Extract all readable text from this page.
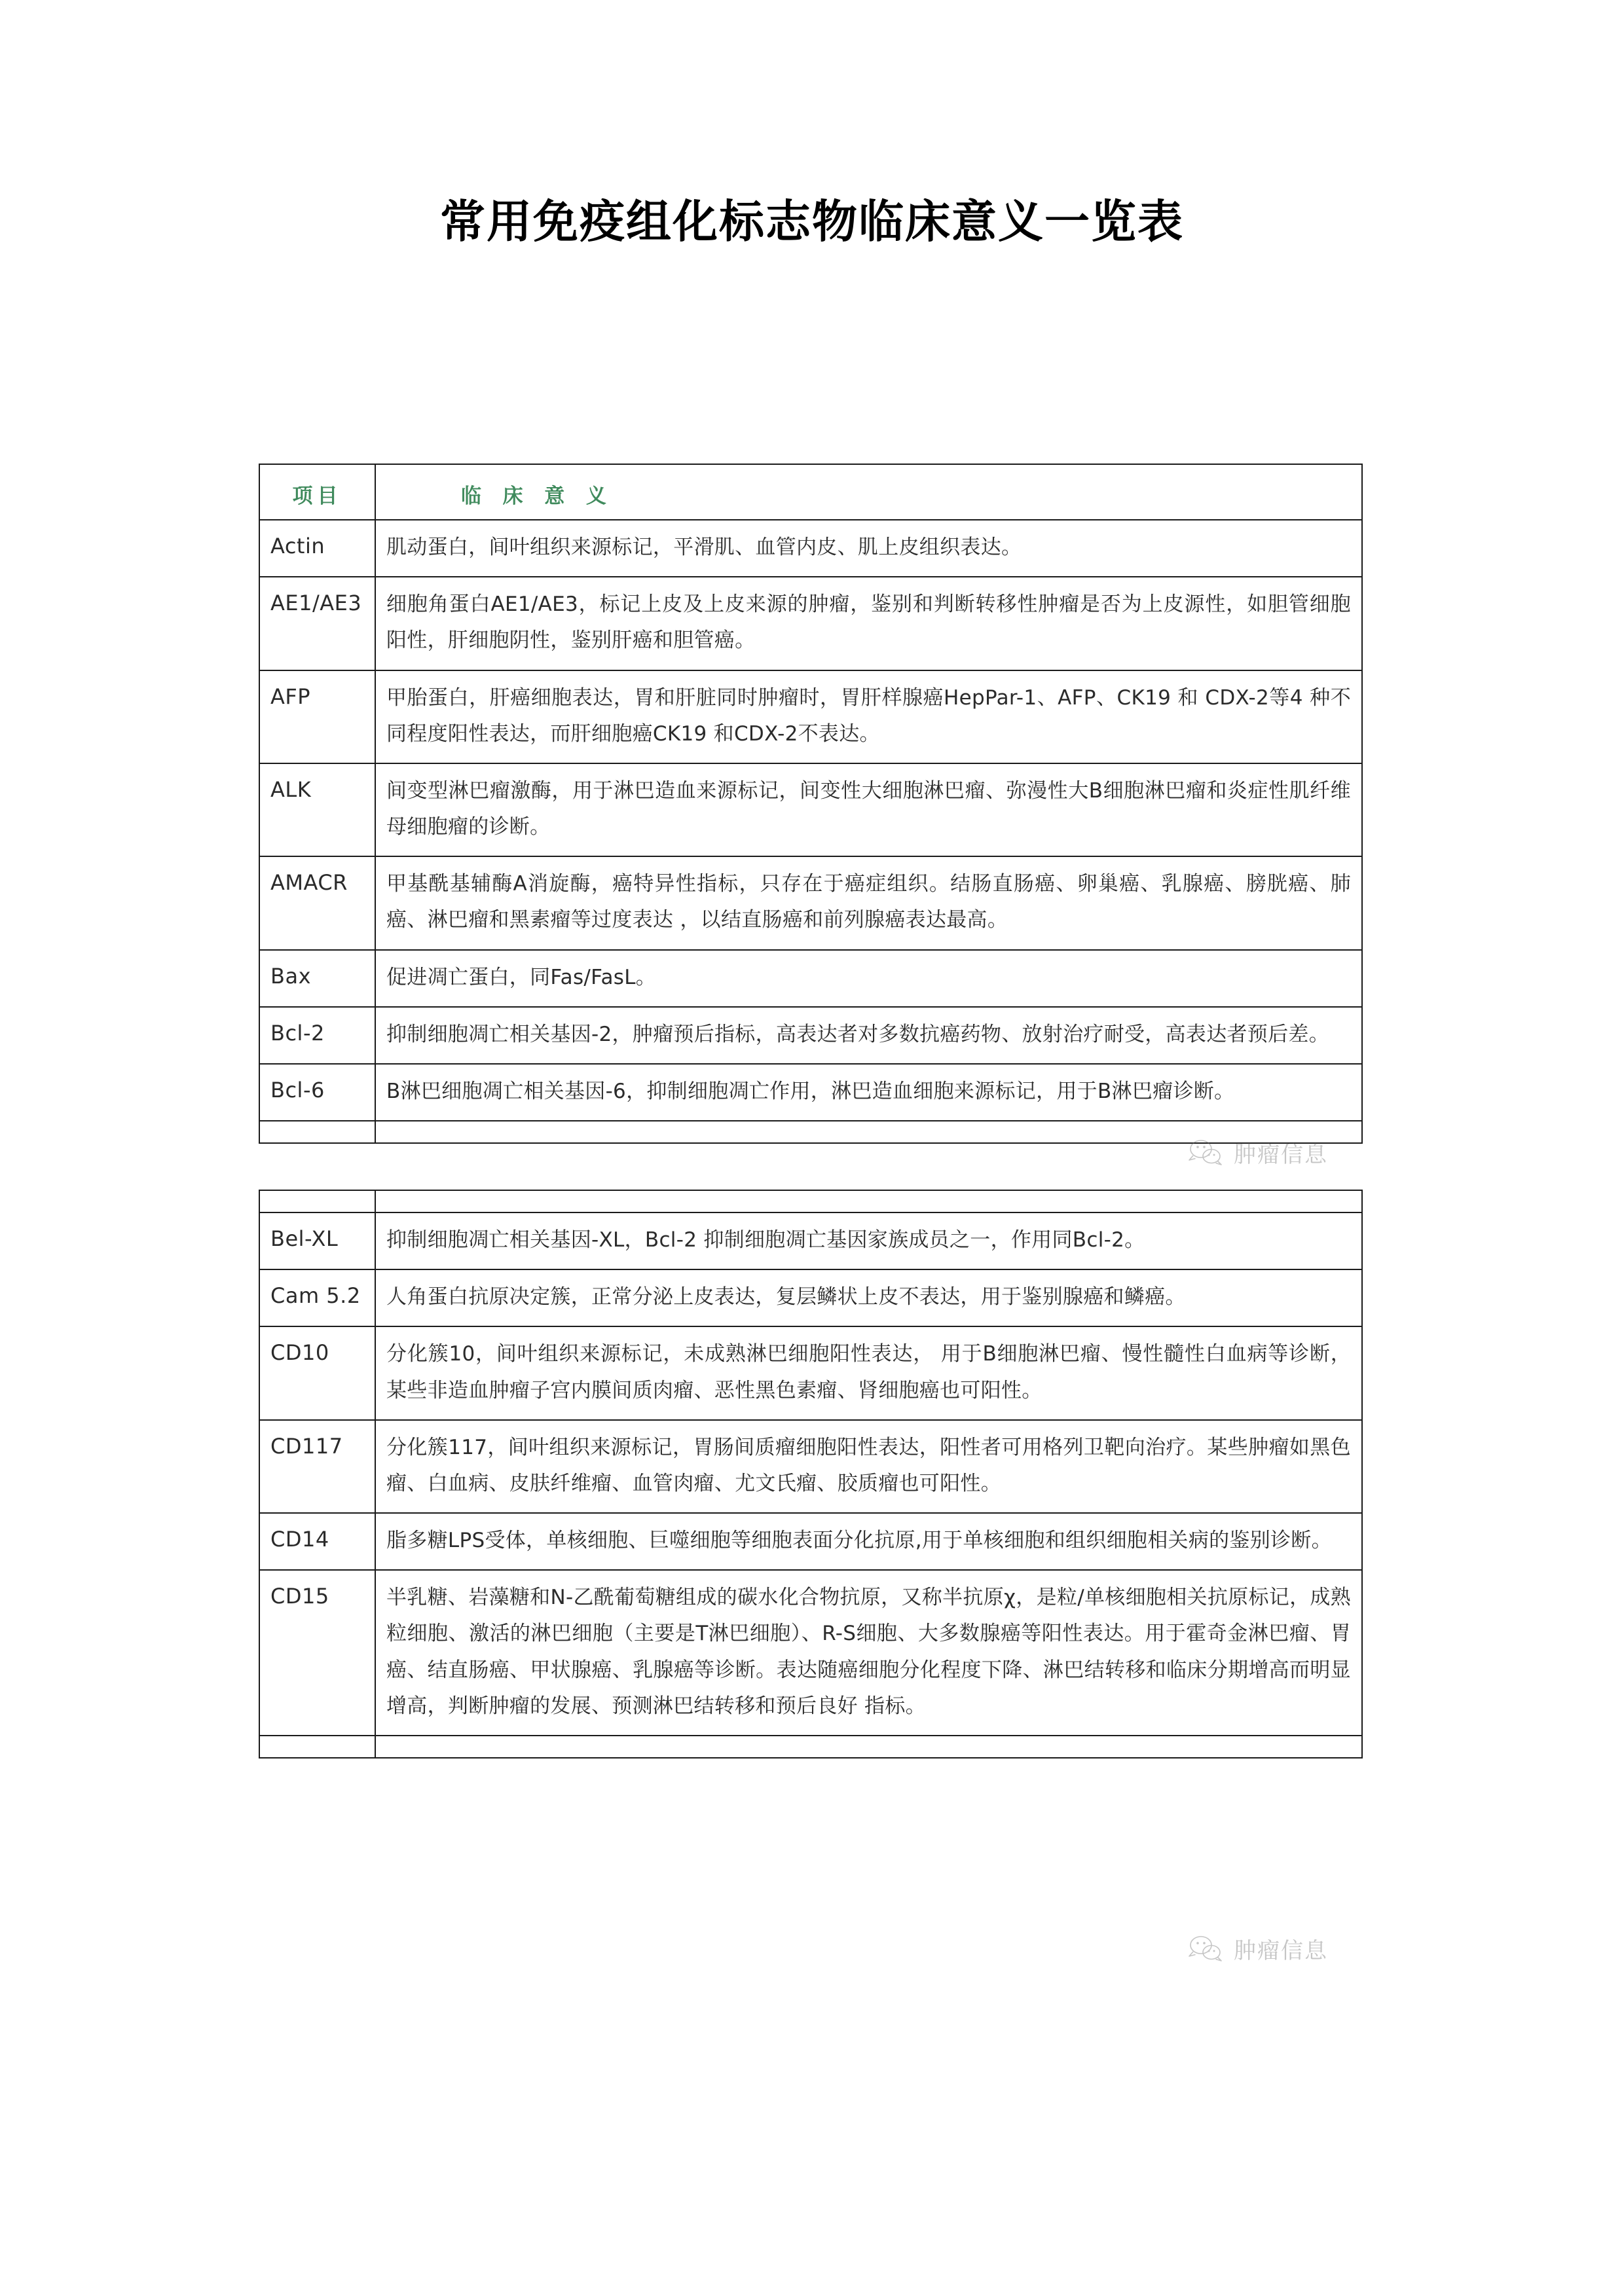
常用免疫组化标志物临床意义一览表
项目	临 床 意 义
Actin	肌动蛋白，间叶组织来源标记，平滑肌、血管内皮、肌上皮组织表达。
AE1/AE3	细胞角蛋白AE1/AE3，标记上皮及上皮来源的肿瘤，鉴别和判断转移性肿瘤是否为上皮源性，如胆管细胞阳性，肝细胞阴性，鉴别肝癌和胆管癌。
AFP	甲胎蛋白，肝癌细胞表达，胃和肝脏同时肿瘤时，胃肝样腺癌HepPar-1、AFP、CK19 和 CDX-2等4 种不同程度阳性表达，而肝细胞癌CK19 和CDX-2不表达。
ALK	间变型淋巴瘤激酶，用于淋巴造血来源标记，间变性大细胞淋巴瘤、弥漫性大B细胞淋巴瘤和炎症性肌纤维母细胞瘤的诊断。
AMACR	甲基酰基辅酶A消旋酶，癌特异性指标，只存在于癌症组织。结肠直肠癌、卵巢癌、乳腺癌、膀胱癌、肺癌、淋巴瘤和黑素瘤等过度表达 ，以结直肠癌和前列腺癌表达最高。
Bax	促进凋亡蛋白，同Fas/FasL。
Bcl-2	抑制细胞凋亡相关基因-2，肿瘤预后指标，高表达者对多数抗癌药物、放射治疗耐受，高表达者预后差。
Bcl-6	B淋巴细胞凋亡相关基因-6，抑制细胞凋亡作用，淋巴造血细胞来源标记，用于B淋巴瘤诊断。

Bel-XL	抑制细胞凋亡相关基因-XL，Bcl-2 抑制细胞凋亡基因家族成员之一，作用同Bcl-2。
Cam 5.2	人角蛋白抗原决定簇，正常分泌上皮表达，复层鳞状上皮不表达，用于鉴别腺癌和鳞癌。
CD10	分化簇10，间叶组织来源标记，未成熟淋巴细胞阳性表达， 用于B细胞淋巴瘤、慢性髓性白血病等诊断，某些非造血肿瘤子宫内膜间质肉瘤、恶性黑色素瘤、肾细胞癌也可阳性。
CD117	分化簇117，间叶组织来源标记，胃肠间质瘤细胞阳性表达，阳性者可用格列卫靶向治疗。某些肿瘤如黑色瘤、白血病、皮肤纤维瘤、血管肉瘤、尤文氏瘤、胶质瘤也可阳性。
CD14	脂多糖LPS受体，单核细胞、巨噬细胞等细胞表面分化抗原,用于单核细胞和组织细胞相关病的鉴别诊断。
CD15	半乳糖、岩藻糖和N-乙酰葡萄糖组成的碳水化合物抗原，又称半抗原χ，是粒/单核细胞相关抗原标记，成熟粒细胞、激活的淋巴细胞（主要是T淋巴细胞）、R-S细胞、大多数腺癌等阳性表达。用于霍奇金淋巴瘤、胃癌、结直肠癌、甲状腺癌、乳腺癌等诊断。表达随癌细胞分化程度下降、淋巴结转移和临床分期增高而明显增高，判断肿瘤的发展、预测淋巴结转移和预后良好 指标。

肿瘤信息
肿瘤信息
